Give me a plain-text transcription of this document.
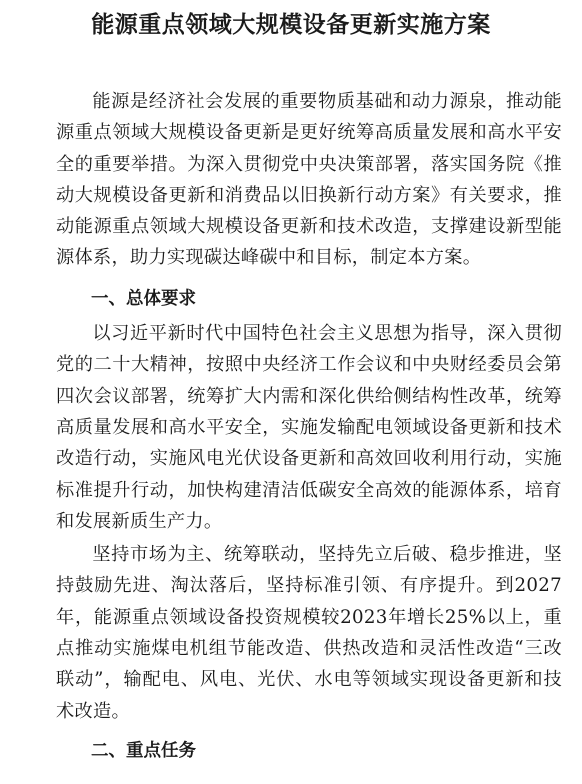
能源重点领域大规模设备更新实施方案

能源是经济社会发展的重要物质基础和动力源泉，推动能源重点领域大规模设备更新是更好统筹高质量发展和高水平安全的重要举措。为深入贯彻党中央决策部署，落实国务院《推动大规模设备更新和消费品以旧换新行动方案》有关要求，推动能源重点领域大规模设备更新和技术改造，支撑建设新型能源体系，助力实现碳达峰碳中和目标，制定本方案。

一、总体要求

以习近平新时代中国特色社会主义思想为指导，深入贯彻党的二十大精神，按照中央经济工作会议和中央财经委员会第四次会议部署，统筹扩大内需和深化供给侧结构性改革，统筹高质量发展和高水平安全，实施发输配电领域设备更新和技术改造行动，实施风电光伏设备更新和高效回收利用行动，实施标准提升行动，加快构建清洁低碳安全高效的能源体系，培育和发展新质生产力。

坚持市场为主、统筹联动，坚持先立后破、稳步推进，坚持鼓励先进、淘汰落后，坚持标准引领、有序提升。到2027年，能源重点领域设备投资规模较2023年增长25%以上，重点推动实施煤电机组节能改造、供热改造和灵活性改造“三改联动”，输配电、风电、光伏、水电等领域实现设备更新和技术改造。

二、重点任务
